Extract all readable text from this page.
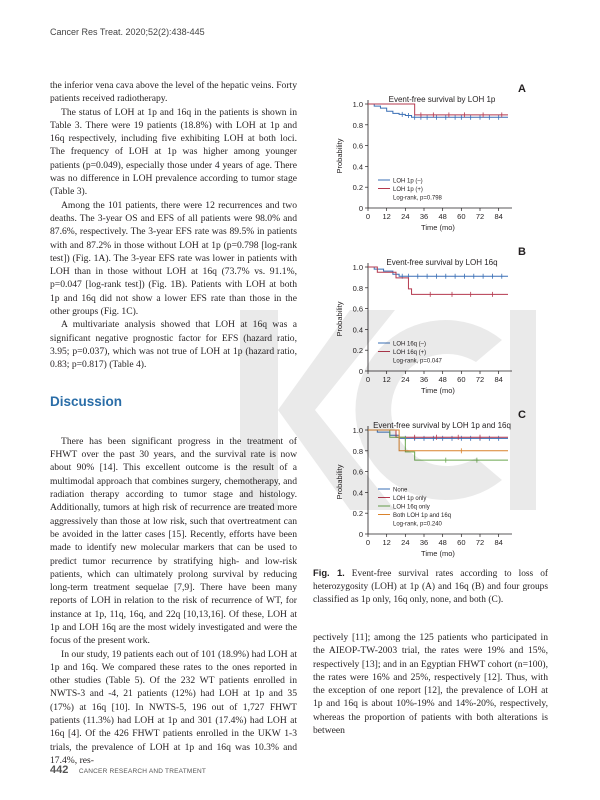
Cancer Res Treat. 2020;52(2):438-445

the inferior vena cava above the level of the hepatic veins. Forty patients received radiotherapy.

The status of LOH at 1p and 16q in the patients is shown in Table 3. There were 19 patients (18.8%) with LOH at 1p and 16q respectively, including five exhibiting LOH at both loci. The frequency of LOH at 1p was higher among younger patients (p=0.049), especially those under 4 years of age. There was no difference in LOH prevalence according to tumor stage (Table 3).

Among the 101 patients, there were 12 recurrences and two deaths. The 3-year OS and EFS of all patients were 98.0% and 87.6%, respectively. The 3-year EFS rate was 89.5% in patients with and 87.2% in those without LOH at 1p (p=0.798 [log-rank test]) (Fig. 1A). The 3-year EFS rate was lower in patients with LOH than in those without LOH at 16q (73.7% vs. 91.1%, p=0.047 [log-rank test]) (Fig. 1B). Patients with LOH at both 1p and 16q did not show a lower EFS rate than those in the other groups (Fig. 1C).

A multivariate analysis showed that LOH at 16q was a significant negative prognostic factor for EFS (hazard ratio, 3.95; p=0.037), which was not true of LOH at 1p (hazard ratio, 0.83; p=0.817) (Table 4).

Discussion

There has been significant progress in the treatment of FHWT over the past 30 years, and the survival rate is now about 90% [14]. This excellent outcome is the result of a multimodal approach that combines surgery, chemotherapy, and radiation therapy according to tumor stage and histology. Additionally, tumors at high risk of recurrence are treated more aggressively than those at low risk, such that overtreatment can be avoided in the latter cases [15]. Recently, efforts have been made to identify new molecular markers that can be used to predict tumor recurrence by stratifying high- and low-risk patients, which can ultimately prolong survival by reducing long-term treatment sequelae [7,9]. There have been many reports of LOH in relation to the risk of recurrence of WT, for instance at 1p, 11q, 16q, and 22q [10,13,16]. Of these, LOH at 1p and LOH 16q are the most widely investigated and were the focus of the present work.

In our study, 19 patients each out of 101 (18.9%) had LOH at 1p and 16q. We compared these rates to the ones reported in other studies (Table 5). Of the 232 WT patients enrolled in NWTS-3 and -4, 21 patients (12%) had LOH at 1p and 35 (17%) at 16q [10]. In NWTS-5, 196 out of 1,727 FHWT patients (11.3%) had LOH at 1p and 301 (17.4%) had LOH at 16q [4]. Of the 426 FHWT patients enrolled in the UKW 1-3 trials, the prevalence of LOH at 1p and 16q was 10.3% and 17.4%, res-

A
Event-free survival by LOH 1p
0
0.2
0.4
0.6
0.8
1.0
0 12 24 36 48 60 72 84
Time (mo)
Probability
LOH 1p (–)
LOH 1p (+)
Log-rank, p=0.798
B
Event-free survival by LOH 16q
0
0.2
0.4
0.6
0.8
1.0
0 12 24 36 48 60 72 84
Time (mo)
Probability
LOH 16q (–)
LOH 16q (+)
Log-rank, p=0.047
C
Event-free survival by LOH 1p and 16q
0
0.2
0.4
0.6
0.8
1.0
0 12 24 36 48 60 72 84
Time (mo)
Probability	None
LOH 1p only
LOH 16q only
Both LOH 1p and 16q
Log-rank, p=0.240
Fig. 1. Event-free survival rates according to loss of heterozygosity (LOH) at 1p (A) and 16q (B) and four groups classified as 1p only, 16q only, none, and both (C).

pectively [11]; among the 125 patients who participated in the AIEOP-TW-2003 trial, the rates were 19% and 15%, respectively [13]; and in an Egyptian FHWT cohort (n=100), the rates were 16% and 25%, respectively [12]. Thus, with the exception of one report [12], the prevalence of LOH at 1p and 16q is about 10%-19% and 14%-20%, respectively, whereas the proportion of patients with both alterations is between

442 CANCER RESEARCH AND TREATMENT
